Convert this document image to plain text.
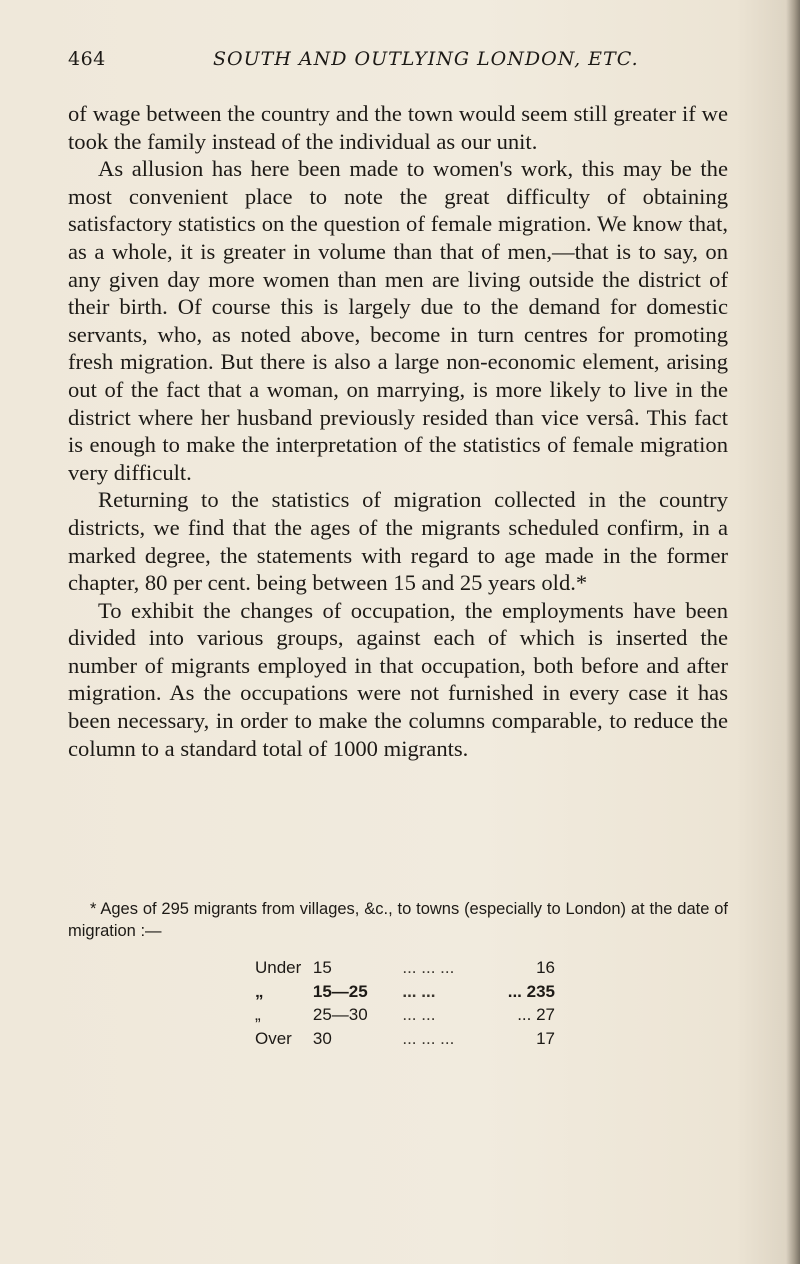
464	SOUTH AND OUTLYING LONDON, ETC.

of wage between the country and the town would seem still greater if we took the family instead of the individual as our unit.

As allusion has here been made to women's work, this may be the most convenient place to note the great difficulty of obtaining satisfactory statistics on the question of female migration. We know that, as a whole, it is greater in volume than that of men,—that is to say, on any given day more women than men are living outside the district of their birth. Of course this is largely due to the demand for domestic servants, who, as noted above, become in turn centres for promoting fresh migration. But there is also a large non-economic element, arising out of the fact that a woman, on marrying, is more likely to live in the district where her husband previously resided than vice versâ. This fact is enough to make the interpretation of the statistics of female migration very difficult.

Returning to the statistics of migration collected in the country districts, we find that the ages of the migrants scheduled confirm, in a marked degree, the statements with regard to age made in the former chapter, 80 per cent. being between 15 and 25 years old.*

To exhibit the changes of occupation, the employments have been divided into various groups, against each of which is inserted the number of migrants employed in that occupation, both before and after migration. As the occupations were not furnished in every case it has been necessary, in order to make the columns comparable, to reduce the column to a standard total of 1000 migrants.

* Ages of 295 migrants from villages, &c., to towns (especially to London) at the date of migration :—

Under	15	... ... ...	16
„	15—25	... ...	... 235
„	25—30	... ...	... 27
Over	30	... ... ...	17
